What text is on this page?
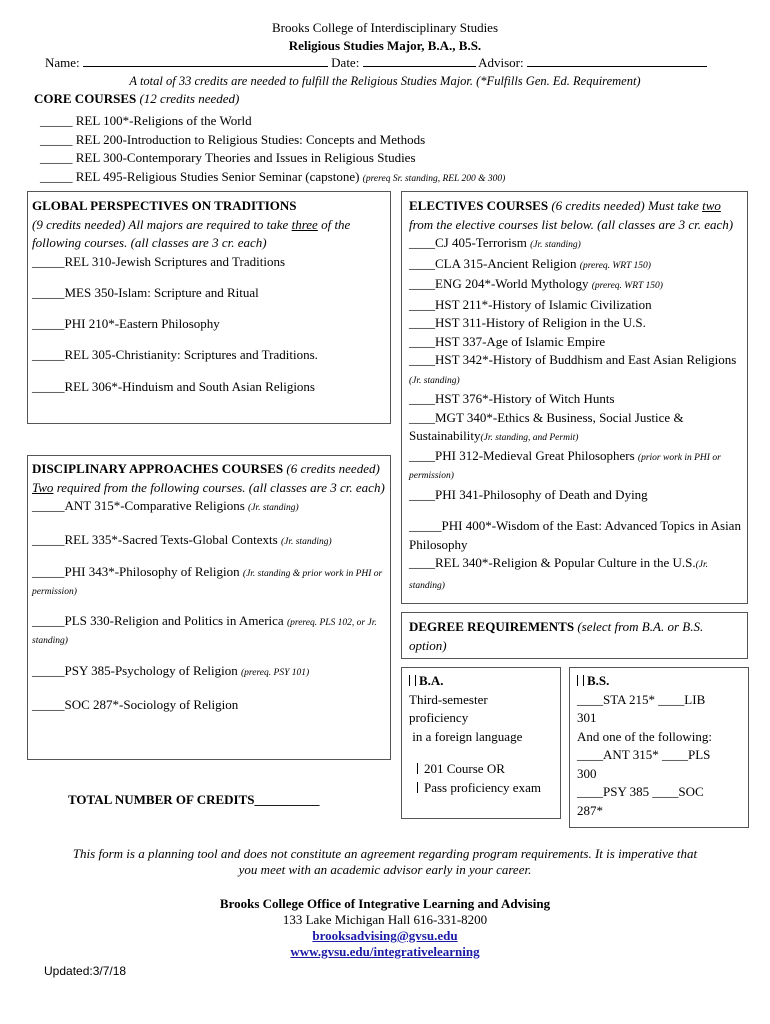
Brooks College of Interdisciplinary Studies
Religious Studies Major, B.A., B.S.
Name:	Date:	Advisor:
A total of 33 credits are needed to fulfill the Religious Studies Major. (*Fulfills Gen. Ed. Requirement)
CORE COURSES (12 credits needed)
_____ REL 100*-Religions of the World
_____ REL 200-Introduction to Religious Studies: Concepts and Methods
_____ REL 300-Contemporary Theories and Issues in Religious Studies
_____ REL 495-Religious Studies Senior Seminar (capstone) (prereq Sr. standing, REL 200 & 300)
GLOBAL PERSPECTIVES ON TRADITIONS
(9 credits needed) All majors are required to take three of the following courses. (all classes are 3 cr. each)
_____REL 310-Jewish Scriptures and Traditions
_____MES 350-Islam: Scripture and Ritual
_____PHI 210*-Eastern Philosophy
_____REL 305-Christianity: Scriptures and Traditions.
_____REL 306*-Hinduism and South Asian Religions
DISCIPLINARY APPROACHES COURSES (6 credits needed) Two required from the following courses. (all classes are 3 cr. each)
_____ANT 315*-Comparative Religions (Jr. standing)
_____REL 335*-Sacred Texts-Global Contexts (Jr. standing)
_____PHI 343*-Philosophy of Religion (Jr. standing & prior work in PHI or permission)
_____PLS 330-Religion and Politics in America (prereq. PLS 102, or Jr. standing)
_____PSY 385-Psychology of Religion (prereq. PSY 101)
_____SOC 287*-Sociology of Religion
TOTAL NUMBER OF CREDITS__________
ELECTIVES COURSES (6 credits needed) Must take two from the elective courses list below. (all classes are 3 cr. each)
____CJ 405-Terrorism (Jr. standing)
____CLA 315-Ancient Religion (prereq. WRT 150)
____ENG 204*-World Mythology (prereq. WRT 150)
____HST 211*-History of Islamic Civilization
____HST 311-History of Religion in the U.S.
____HST 337-Age of Islamic Empire
____HST 342*-History of Buddhism and East Asian Religions (Jr. standing)
____HST 376*-History of Witch Hunts
____MGT 340*-Ethics & Business, Social Justice & Sustainability(Jr. standing, and Permit)
____PHI 312-Medieval Great Philosophers (prior work in PHI or permission)
____PHI 341-Philosophy of Death and Dying
_____PHI 400*-Wisdom of the East: Advanced Topics in Asian Philosophy
____REL 340*-Religion & Popular Culture in the U.S.(Jr. standing)
DEGREE REQUIREMENTS (select from B.A. or B.S. option)
B.A.
Third-semester
proficiency
in a foreign language
201 Course OR
Pass proficiency exam
B.S.
____STA 215* ____LIB
301
And one of the following:
____ANT 315* ____PLS
300
____PSY 385 ____SOC
287*
This form is a planning tool and does not constitute an agreement regarding program requirements. It is imperative that
you meet with an academic advisor early in your career.
Brooks College Office of Integrative Learning and Advising
133 Lake Michigan Hall 616-331-8200
brooksadvising@gvsu.edu
www.gvsu.edu/integrativelearning
Updated:3/7/18
